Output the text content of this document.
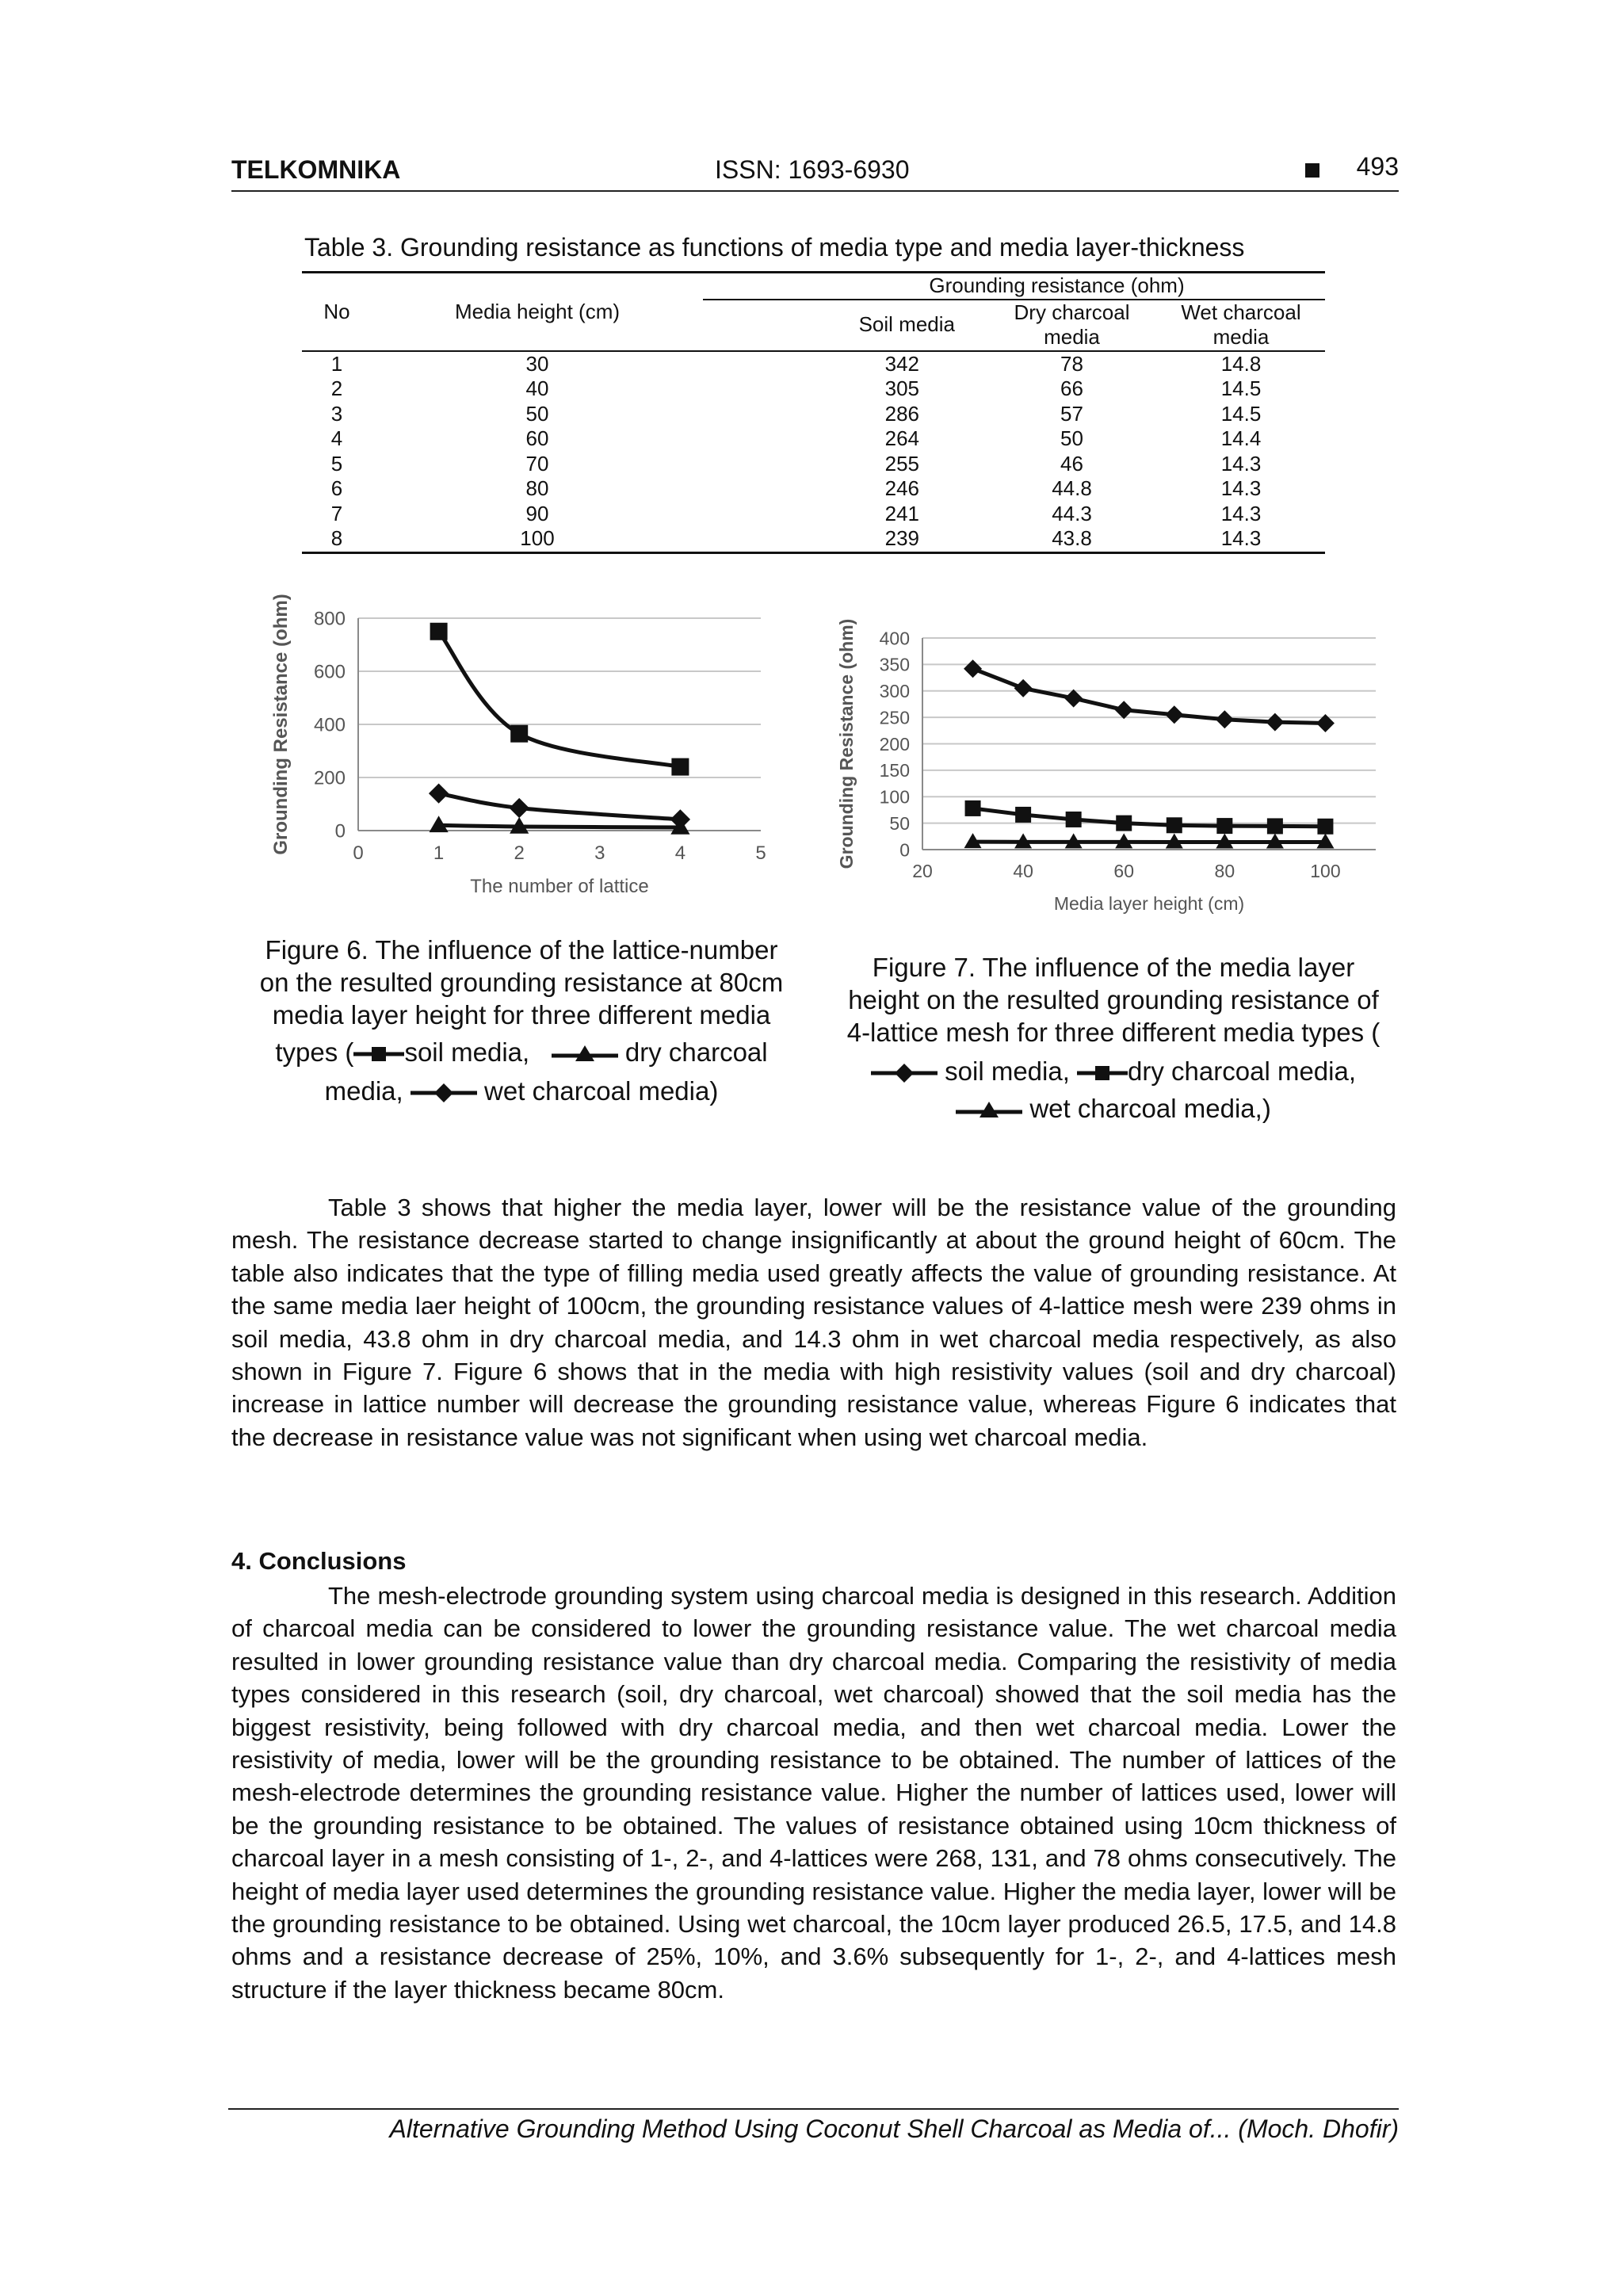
TELKOMNIKA	ISSN: 1693-6930	493
Table 3. Grounding resistance as functions of media type and media layer-thickness
No	Media height (cm)	Grounding resistance (ohm)		
		Soil media	Dry charcoal media	Wet charcoal media
1	30	342	78	14.8
2	40	305	66	14.5
3	50	286	57	14.5
4	60	264	50	14.4
5	70	255	46	14.3
6	80	246	44.8	14.3
7	90	241	44.3	14.3
8	100	239	43.8	14.3
0
200
400
600
800
0	1	2	3	4	5
The number of lattice
Grounding Resistance (ohm)	0
50
100
150
200
250
300
350
400
20	40	60	80	100
Media layer height (cm)
Grounding Resistance (ohm)
Figure 6. The influence of the lattice-number
on the resulted grounding resistance at 80cm
media layer height for three different media
types ( soil media,	dry charcoal
media,	wet charcoal media)
Figure 7. The influence of the media layer
height on the resulted grounding resistance of
4-lattice mesh for three different media types (
soil media, dry charcoal media,
wet charcoal media,)

Table 3 shows that higher the media layer, lower will be the resistance value of the grounding mesh. The resistance decrease started to change insignificantly at about the ground height of 60cm. The table also indicates that the type of filling media used greatly affects the value of grounding resistance. At the same media laer height of 100cm, the grounding resistance values of 4-lattice mesh were 239 ohms in soil media, 43.8 ohm in dry charcoal media, and 14.3 ohm in wet charcoal media respectively, as also shown in Figure 7. Figure 6 shows that in the media with high resistivity values (soil and dry charcoal) increase in lattice number will decrease the grounding resistance value, whereas Figure 6 indicates that the decrease in resistance value was not significant when using wet charcoal media.

4. Conclusions

The mesh-electrode grounding system using charcoal media is designed in this research. Addition of charcoal media can be considered to lower the grounding resistance value. The wet charcoal media resulted in lower grounding resistance value than dry charcoal media. Comparing the resistivity of media types considered in this research (soil, dry charcoal, wet charcoal) showed that the soil media has the biggest resistivity, being followed with dry charcoal media, and then wet charcoal media. Lower the resistivity of media, lower will be the grounding resistance to be obtained. The number of lattices of the mesh-electrode determines the grounding resistance value. Higher the number of lattices used, lower will be the grounding resistance to be obtained. The values of resistance obtained using 10cm thickness of charcoal layer in a mesh consisting of 1-, 2-, and 4-lattices were 268, 131, and 78 ohms consecutively. The height of media layer used determines the grounding resistance value. Higher the media layer, lower will be the grounding resistance to be obtained. Using wet charcoal, the 10cm layer produced 26.5, 17.5, and 14.8 ohms and a resistance decrease of 25%, 10%, and 3.6% subsequently for 1-, 2-, and 4-lattices mesh structure if the layer thickness became 80cm.

Alternative Grounding Method Using Coconut Shell Charcoal as Media of... (Moch. Dhofir)
